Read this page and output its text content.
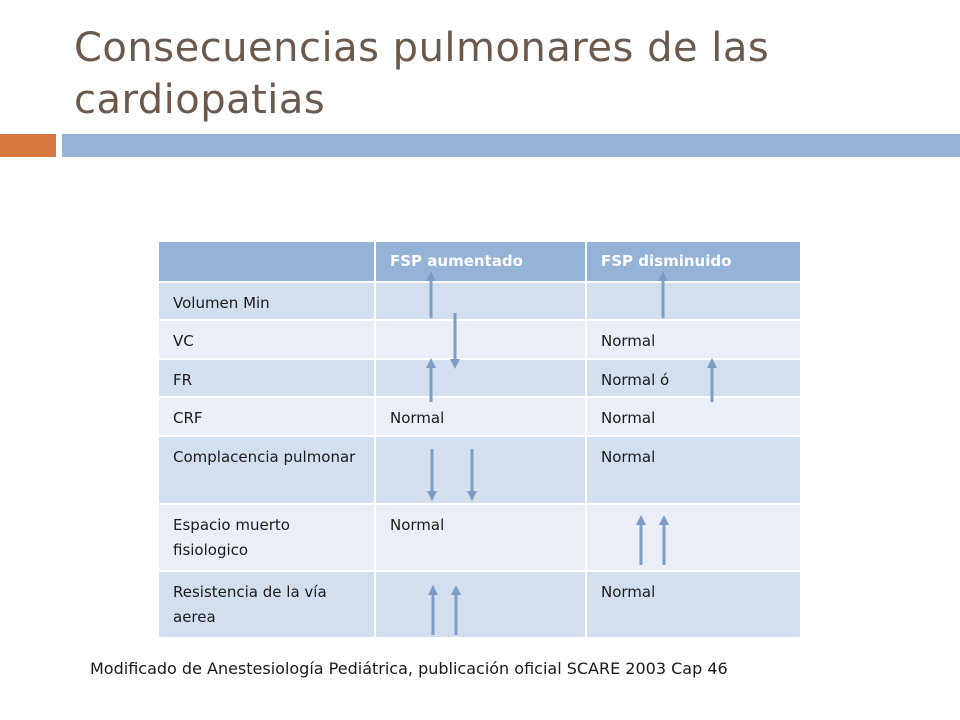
Consecuencias pulmonares de las cardiopatias
	FSP aumentado	FSP disminuido
Volumen Min		
VC		Normal
FR		Normal ó
CRF	Normal	Normal
Complacencia pulmonar		Normal
Espacio muerto fisiologico	Normal	
Resistencia de la vía aerea		Normal
Modificado de Anestesiología Pediátrica, publicación oficial SCARE 2003 Cap 46
